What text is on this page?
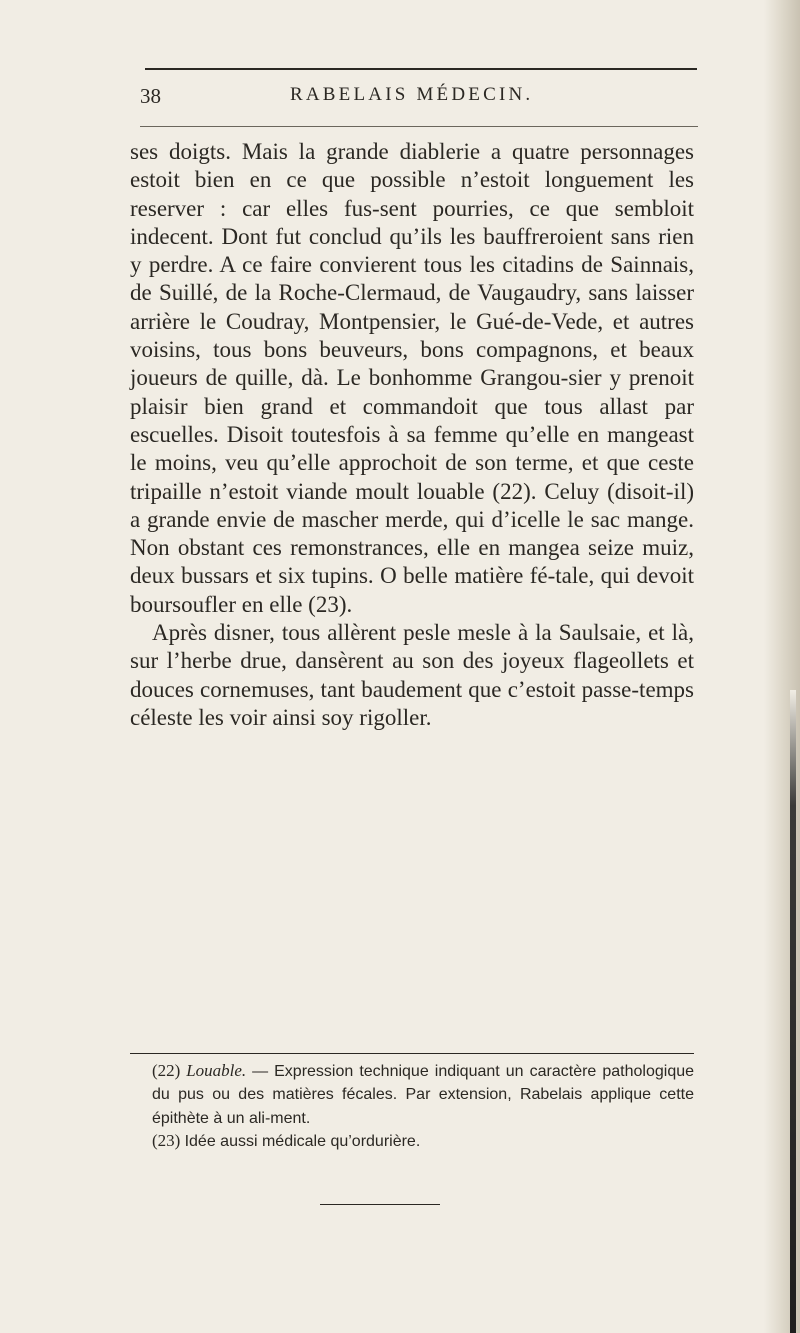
38	RABELAIS MÉDECIN.

ses doigts. Mais la grande diablerie a quatre personnages estoit bien en ce que possible n’estoit longuement les reserver : car elles fus-sent pourries, ce que sembloit indecent. Dont fut conclud qu’ils les bauffreroient sans rien y perdre. A ce faire convierent tous les citadins de Sainnais, de Suillé, de la Roche-Clermaud, de Vaugaudry, sans laisser arrière le Coudray, Montpensier, le Gué-de-Vede, et autres voisins, tous bons beuveurs, bons compagnons, et beaux joueurs de quille, dà. Le bonhomme Grangou-sier y prenoit plaisir bien grand et commandoit que tous allast par escuelles. Disoit toutesfois à sa femme qu’elle en mangeast le moins, veu qu’elle approchoit de son terme, et que ceste tripaille n’estoit viande moult louable (22). Celuy (disoit-il) a grande envie de mascher merde, qui d’icelle le sac mange. Non obstant ces remonstrances, elle en mangea seize muiz, deux bussars et six tupins. O belle matière fé-tale, qui devoit boursoufler en elle (23).

Après disner, tous allèrent pesle mesle à la Saulsaie, et là, sur l’herbe drue, dansèrent au son des joyeux flageollets et douces cornemuses, tant baudement que c’estoit passe-temps céleste les voir ainsi soy rigoller.

(22) Louable. — Expression technique indiquant un caractère pathologique du pus ou des matières fécales. Par extension, Rabelais applique cette épithète à un ali-ment.

(23) Idée aussi médicale qu’ordurière.
